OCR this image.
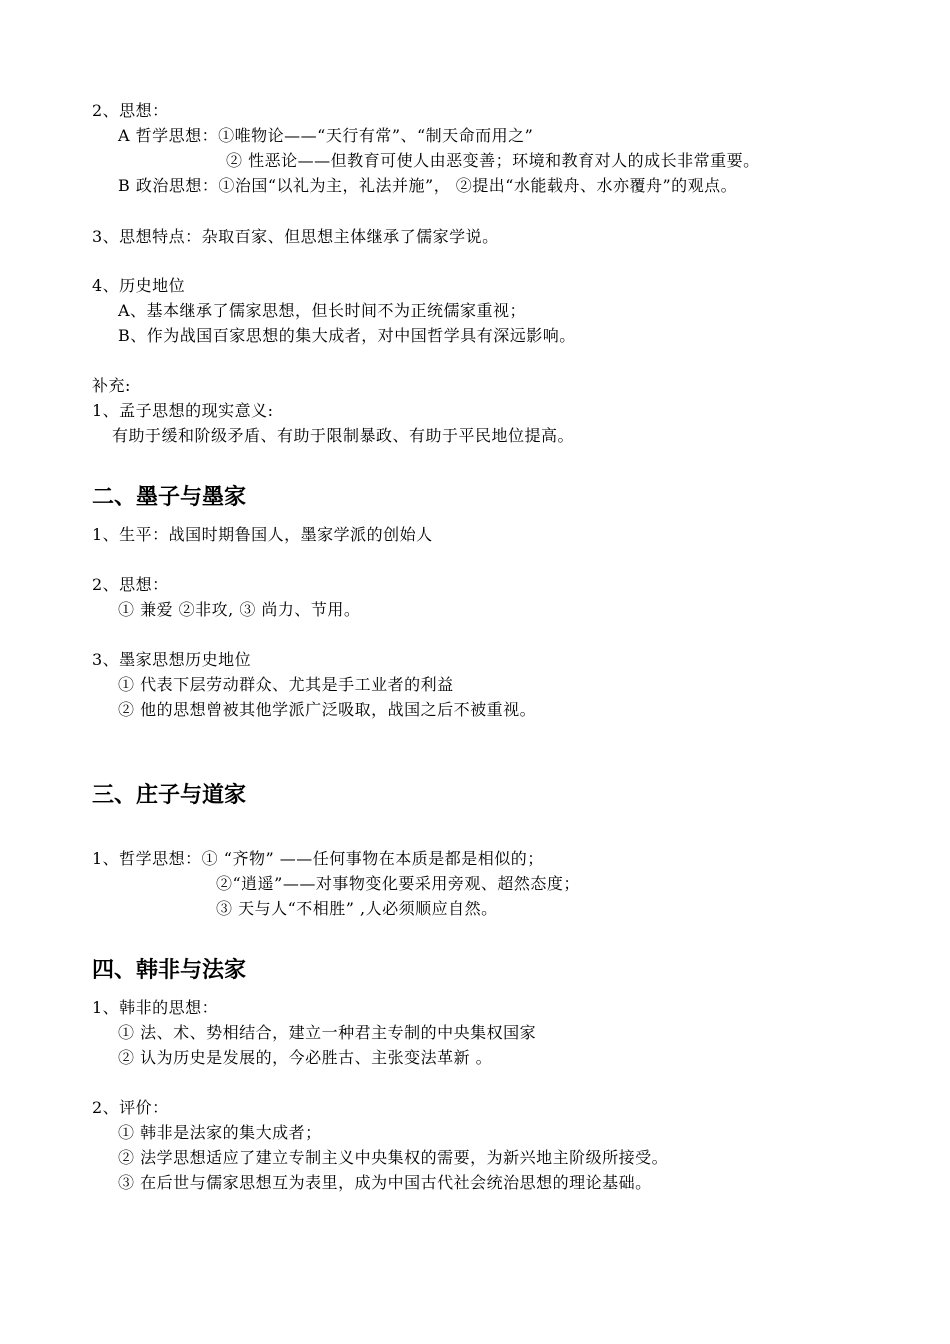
2、思想：
A 哲学思想：①唯物论——“天行有常”、“制天命而用之”
② 性恶论——但教育可使人由恶变善；环境和教育对人的成长非常重要。
B 政治思想：①治国“以礼为主，礼法并施”， ②提出“水能载舟、水亦覆舟”的观点。
3、思想特点：杂取百家、但思想主体继承了儒家学说。
4、历史地位
A、基本继承了儒家思想，但长时间不为正统儒家重视；
B、作为战国百家思想的集大成者，对中国哲学具有深远影响。
补充:
1、孟子思想的现实意义:
有助于缓和阶级矛盾、有助于限制暴政、有助于平民地位提高。
二、墨子与墨家
1、生平：战国时期鲁国人，墨家学派的创始人
2、思想：
① 兼爱 ②非攻, ③ 尚力、节用。
3、墨家思想历史地位
① 代表下层劳动群众、尤其是手工业者的利益
② 他的思想曾被其他学派广泛吸取，战国之后不被重视。
三、庄子与道家
1、哲学思想：① “齐物” ——任何事物在本质是都是相似的；
②“逍遥”——对事物变化要采用旁观、超然态度；
③ 天与人“不相胜” ,人必须顺应自然。
四、韩非与法家
1、韩非的思想：
① 法、术、势相结合，建立一种君主专制的中央集权国家
② 认为历史是发展的，今必胜古、主张变法革新 。
2、评价：
① 韩非是法家的集大成者；
② 法学思想适应了建立专制主义中央集权的需要，为新兴地主阶级所接受。
③ 在后世与儒家思想互为表里，成为中国古代社会统治思想的理论基础。
